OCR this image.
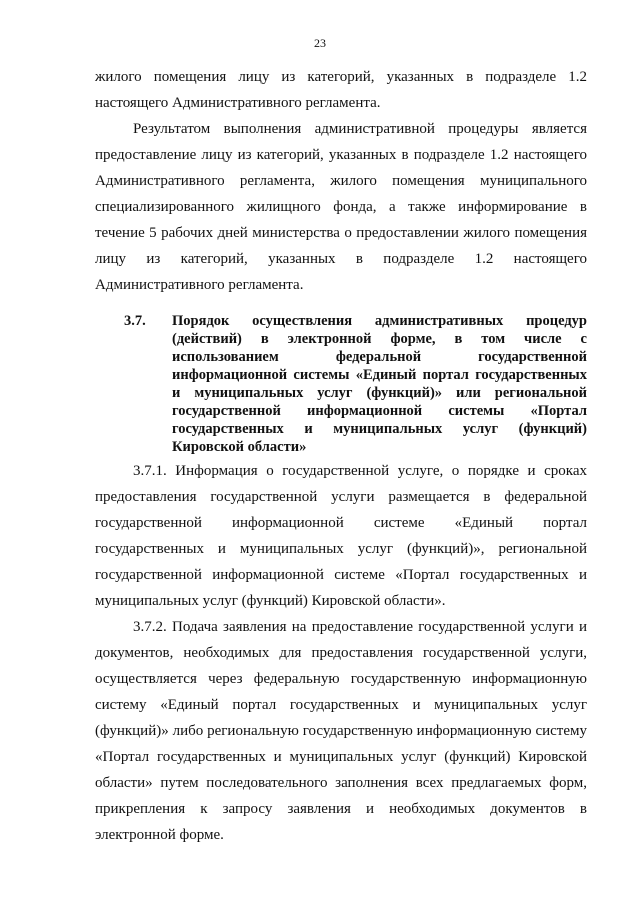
23
жилого помещения лицу из категорий, указанных в подразделе 1.2 настоящего Административного регламента.
Результатом выполнения административной процедуры является предоставление лицу из категорий, указанных в подразделе 1.2 настоящего Административного регламента, жилого помещения муниципального специализированного жилищного фонда, а также информирование в течение 5 рабочих дней министерства о предоставлении жилого помещения лицу из категорий, указанных в подразделе 1.2 настоящего Административного регламента.
3.7. Порядок осуществления административных процедур (действий) в электронной форме, в том числе с использованием федеральной государственной информационной системы «Единый портал государственных и муниципальных услуг (функций)» или региональной государственной информационной системы «Портал государственных и муниципальных услуг (функций) Кировской области»
3.7.1. Информация о государственной услуге, о порядке и сроках предоставления государственной услуги размещается в федеральной государственной информационной системе «Единый портал государственных и муниципальных услуг (функций)», региональной государственной информационной системе «Портал государственных и муниципальных услуг (функций) Кировской области».
3.7.2. Подача заявления на предоставление государственной услуги и документов, необходимых для предоставления государственной услуги, осуществляется через федеральную государственную информационную систему «Единый портал государственных и муниципальных услуг (функций)» либо региональную государственную информационную систему «Портал государственных и муниципальных услуг (функций) Кировской области» путем последовательного заполнения всех предлагаемых форм, прикрепления к запросу заявления и необходимых документов в электронной форме.
